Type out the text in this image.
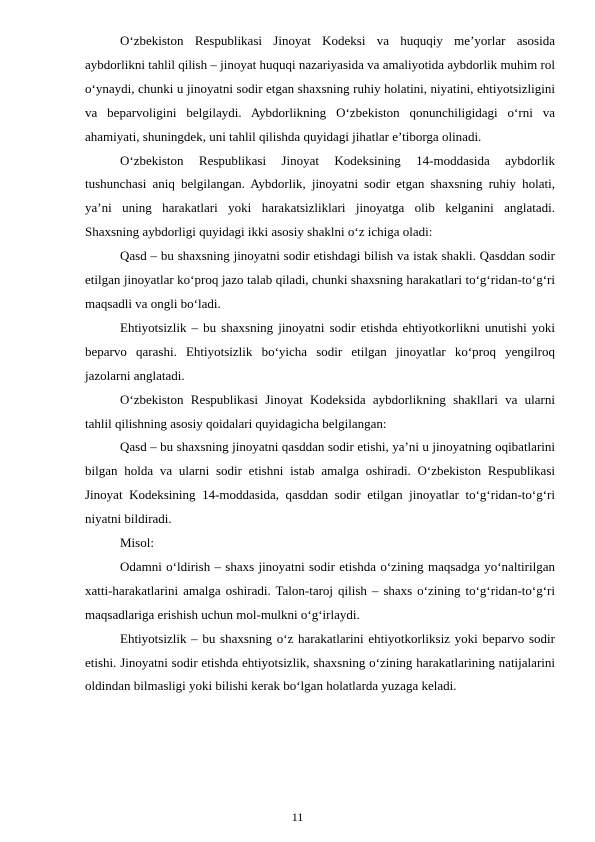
O‘zbekiston Respublikasi Jinoyat Kodeksi va huquqiy me’yorlar asosida aybdorlikni tahlil qilish – jinoyat huquqi nazariyasida va amaliyotida aybdorlik muhim rol o‘ynaydi, chunki u jinoyatni sodir etgan shaxsning ruhiy holatini, niyatini, ehtiyotsizligini va beparvoligini belgilaydi. Aybdorlikning O‘zbekiston qonunchiligidagi o‘rni va ahamiyati, shuningdek, uni tahlil qilishda quyidagi jihatlar e’tiborga olinadi.

O‘zbekiston Respublikasi Jinoyat Kodeksining 14-moddasida aybdorlik tushunchasi aniq belgilangan. Aybdorlik, jinoyatni sodir etgan shaxsning ruhiy holati, ya’ni uning harakatlari yoki harakatsizliklari jinoyatga olib kelganini anglatadi. Shaxsning aybdorligi quyidagi ikki asosiy shaklni o‘z ichiga oladi:

Qasd – bu shaxsning jinoyatni sodir etishdagi bilish va istak shakli. Qasddan sodir etilgan jinoyatlar ko‘proq jazo talab qiladi, chunki shaxsning harakatlari to‘g‘ridan-to‘g‘ri maqsadli va ongli bo‘ladi.

Ehtiyotsizlik – bu shaxsning jinoyatni sodir etishda ehtiyotkorlikni unutishi yoki beparvo qarashi. Ehtiyotsizlik bo‘yicha sodir etilgan jinoyatlar ko‘proq yengilroq jazolarni anglatadi.

O‘zbekiston Respublikasi Jinoyat Kodeksida aybdorlikning shakllari va ularni tahlil qilishning asosiy qoidalari quyidagicha belgilangan:

Qasd – bu shaxsning jinoyatni qasddan sodir etishi, ya’ni u jinoyatning oqibatlarini bilgan holda va ularni sodir etishni istab amalga oshiradi. O‘zbekiston Respublikasi Jinoyat Kodeksining 14-moddasida, qasddan sodir etilgan jinoyatlar to‘g‘ridan-to‘g‘ri niyatni bildiradi.

Misol:

Odamni o‘ldirish – shaxs jinoyatni sodir etishda o‘zining maqsadga yo‘naltirilgan xatti-harakatlarini amalga oshiradi. Talon-taroj qilish – shaxs o‘zining to‘g‘ridan-to‘g‘ri maqsadlariga erishish uchun mol-mulkni o‘g‘irlaydi.

Ehtiyotsizlik – bu shaxsning o‘z harakatlarini ehtiyotkorliksiz yoki beparvo sodir etishi. Jinoyatni sodir etishda ehtiyotsizlik, shaxsning o‘zining harakatlarining natijalarini oldindan bilmasligi yoki bilishi kerak bo‘lgan holatlarda yuzaga keladi.

11
